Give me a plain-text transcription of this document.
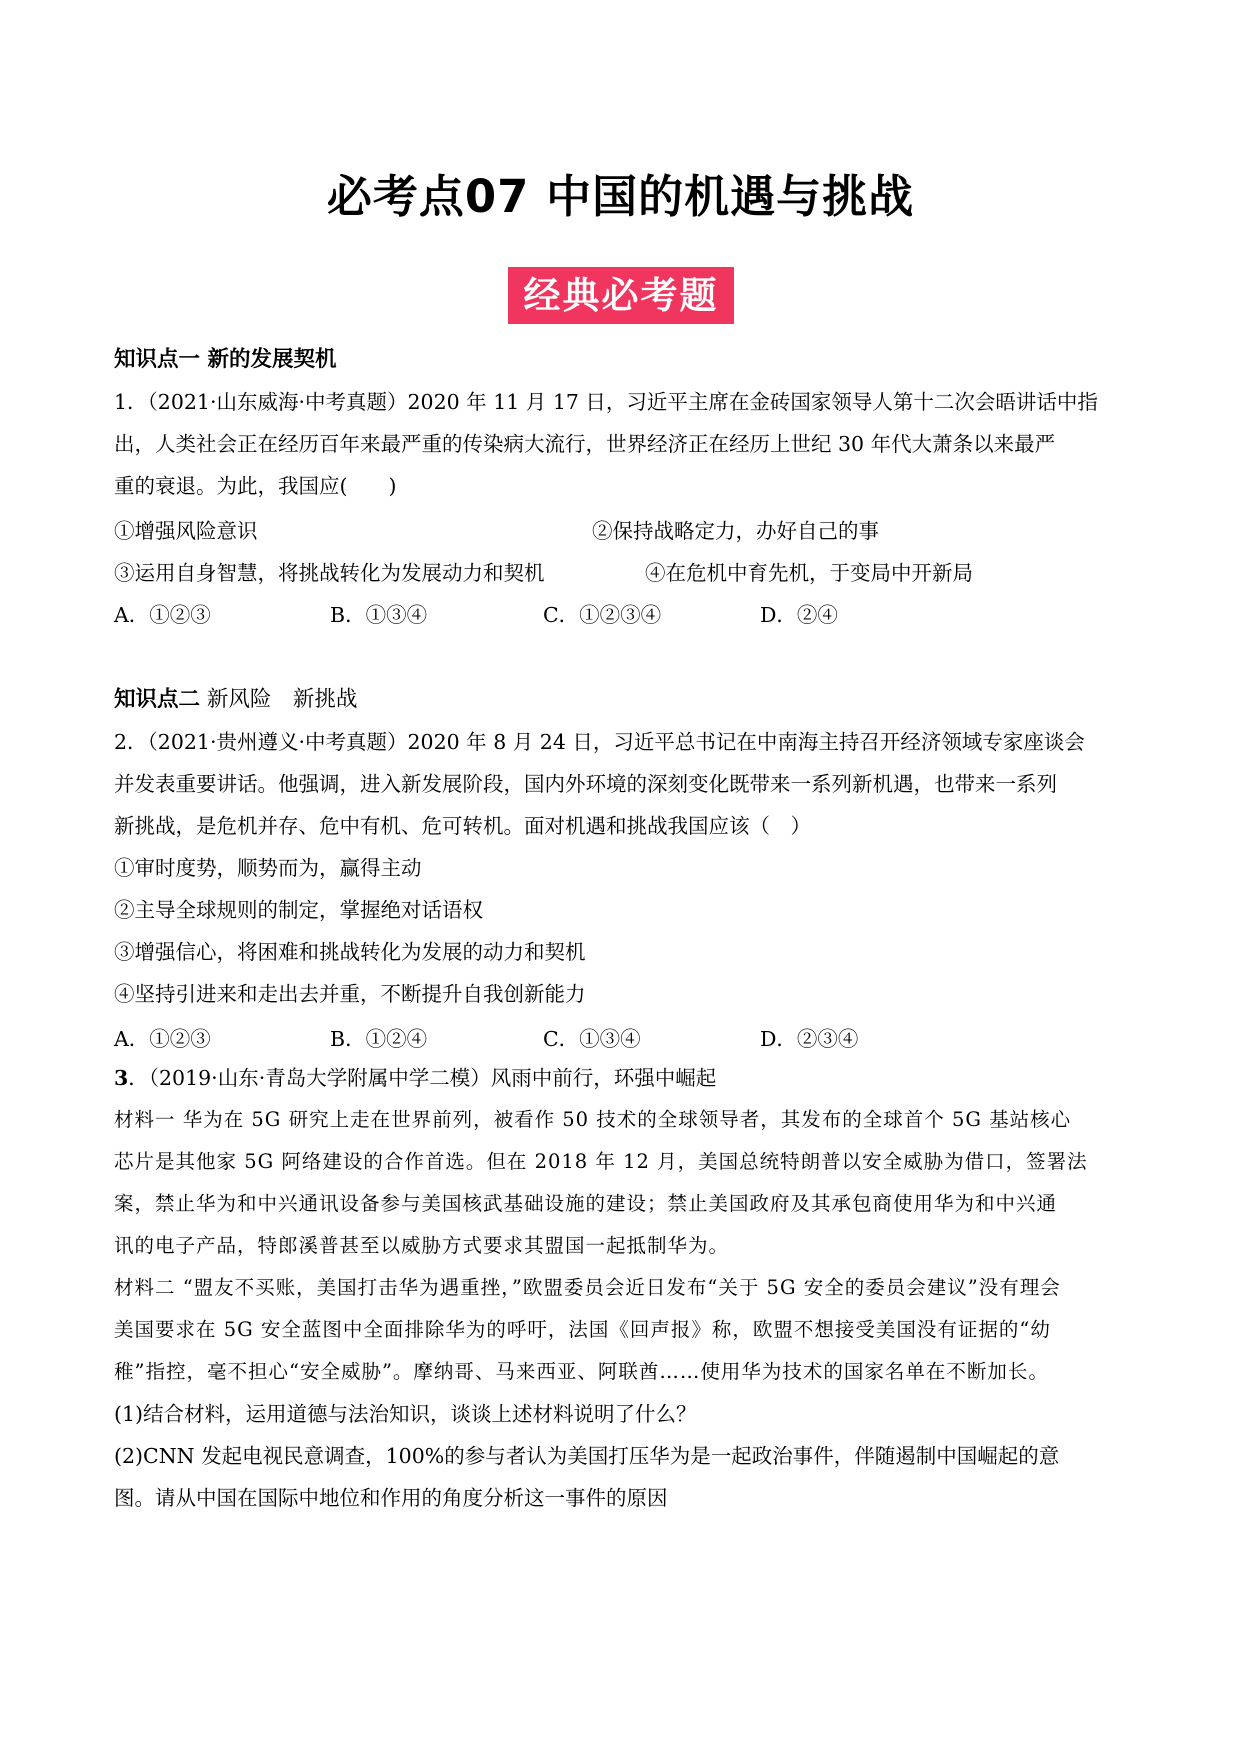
必考点07 中国的机遇与挑战
经典必考题
知识点一 新的发展契机
1．（2021·山东威海·中考真题）2020 年 11 月 17 日，习近平主席在金砖国家领导人第十二次会晤讲话中指
出，人类社会正在经历百年来最严重的传染病大流行，世界经济正在经历上世纪 30 年代大萧条以来最严
重的衰退。为此，我国应(　　)
①增强风险意识	②保持战略定力，办好自己的事
③运用自身智慧，将挑战转化为发展动力和契机	④在危机中育先机，于变局中开新局
A．①②③	B．①③④	C．①②③④	D．②④
知识点二 新风险　新挑战
2．（2021·贵州遵义·中考真题）2020 年 8 月 24 日，习近平总书记在中南海主持召开经济领域专家座谈会
并发表重要讲话。他强调，进入新发展阶段，国内外环境的深刻变化既带来一系列新机遇，也带来一系列
新挑战，是危机并存、危中有机、危可转机。面对机遇和挑战我国应该（　）
①审时度势，顺势而为，赢得主动
②主导全球规则的制定，掌握绝对话语权
③增强信心，将困难和挑战转化为发展的动力和契机
④坚持引进来和走出去并重，不断提升自我创新能力
A．①②③	B．①②④	C．①③④	D．②③④
3．（2019·山东·青岛大学附属中学二模）风雨中前行，环强中崛起
材料一 华为在 5G 研究上走在世界前列，被看作 50 技术的全球领导者，其发布的全球首个 5G 基站核心
芯片是其他家 5G 阿络建设的合作首选。但在 2018 年 12 月，美国总统特朗普以安全威胁为借口，签署法
案，禁止华为和中兴通讯设备参与美国核武基础设施的建设；禁止美国政府及其承包商使用华为和中兴通
讯的电子产品，特郎溪普甚至以威胁方式要求其盟国一起抵制华为。
材料二 “盟友不买账，美国打击华为遇重挫，”欧盟委员会近日发布“关于 5G 安全的委员会建议”没有理会
美国要求在 5G 安全蓝图中全面排除华为的呼吁，法国《回声报》称，欧盟不想接受美国没有证据的“幼
稚”指控，毫不担心“安全威胁”。摩纳哥、马来西亚、阿联酋……使用华为技术的国家名单在不断加长。
(1)结合材料，运用道德与法治知识，谈谈上述材料说明了什么？
(2)CNN 发起电视民意调查，100%的参与者认为美国打压华为是一起政治事件，伴随遏制中国崛起的意
图。请从中国在国际中地位和作用的角度分析这一事件的原因
